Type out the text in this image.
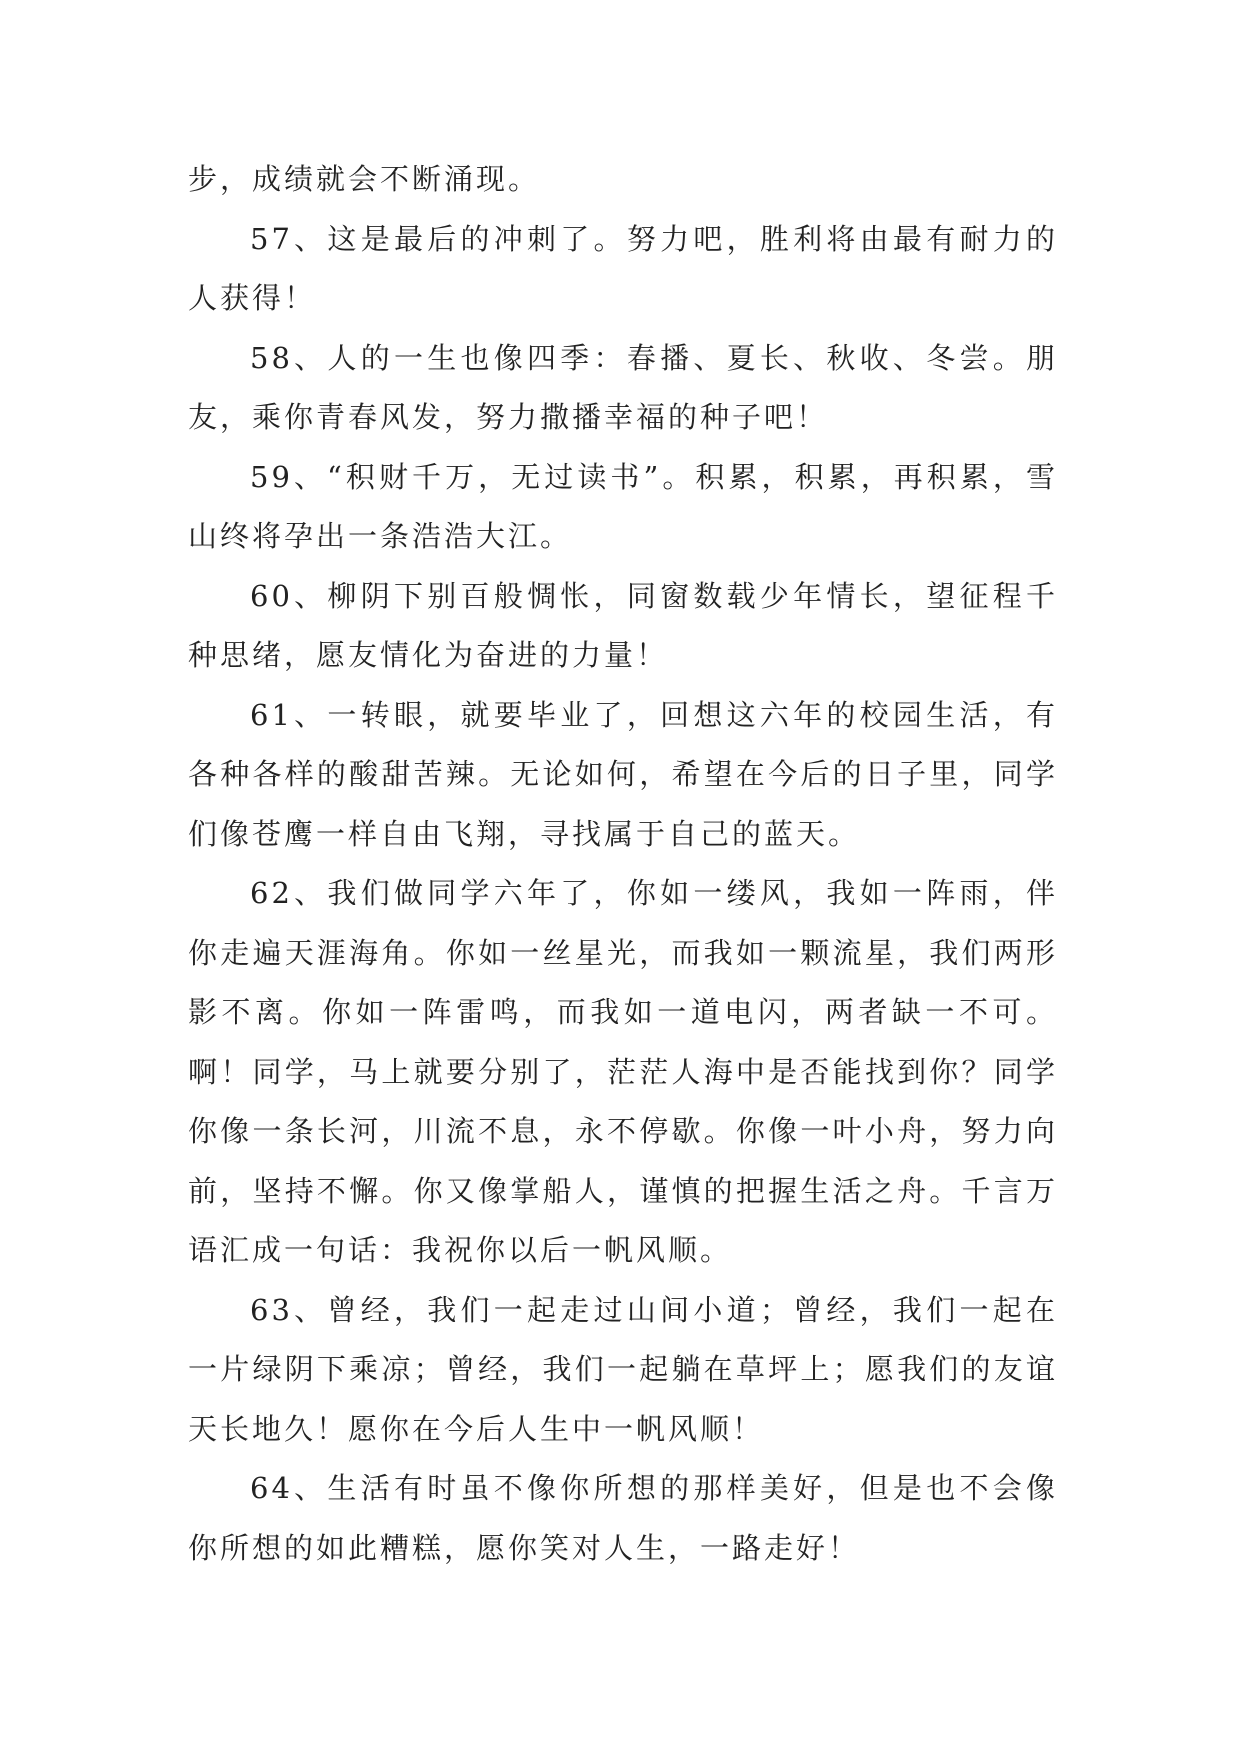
步，成绩就会不断涌现。

57、这是最后的冲刺了。努力吧，胜利将由最有耐力的人获得！

58、人的一生也像四季：春播、夏长、秋收、冬尝。朋友，乘你青春风发，努力撒播幸福的种子吧！

59、“积财千万，无过读书”。积累，积累，再积累，雪山终将孕出一条浩浩大江。

60、柳阴下别百般惆怅，同窗数载少年情长，望征程千种思绪，愿友情化为奋进的力量！

61、一转眼，就要毕业了，回想这六年的校园生活，有各种各样的酸甜苦辣。无论如何，希望在今后的日子里，同学们像苍鹰一样自由飞翔，寻找属于自己的蓝天。

62、我们做同学六年了，你如一缕风，我如一阵雨，伴你走遍天涯海角。你如一丝星光，而我如一颗流星，我们两形影不离。你如一阵雷鸣，而我如一道电闪，两者缺一不可。啊！同学，马上就要分别了，茫茫人海中是否能找到你？同学你像一条长河，川流不息，永不停歇。你像一叶小舟，努力向前，坚持不懈。你又像掌船人，谨慎的把握生活之舟。千言万语汇成一句话：我祝你以后一帆风顺。

63、曾经，我们一起走过山间小道；曾经，我们一起在一片绿阴下乘凉；曾经，我们一起躺在草坪上；愿我们的友谊天长地久！愿你在今后人生中一帆风顺！

64、生活有时虽不像你所想的那样美好，但是也不会像你所想的如此糟糕，愿你笑对人生，一路走好！
